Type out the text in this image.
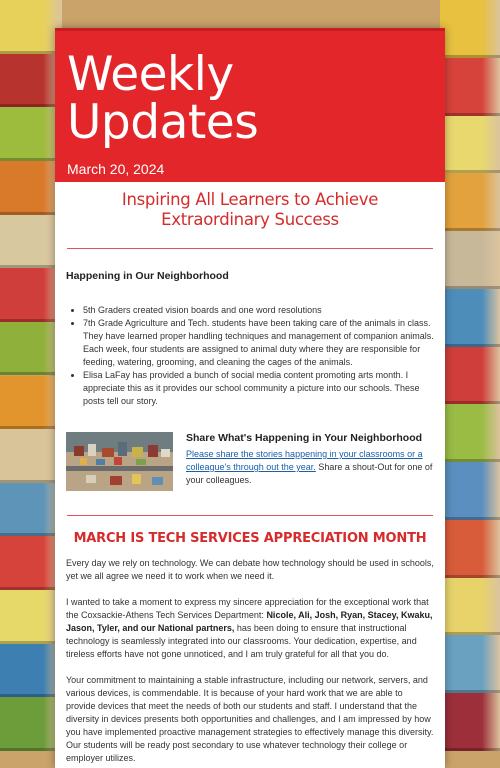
Weekly
Updates
March 20, 2024
Inspiring All Learners to Achieve Extraordinary Success
Happening in Our Neighborhood
• 5th Graders created vision boards and one word resolutions
• 7th Grade Agriculture and Tech. students have been taking care of the animals in class. They have learned proper handling techniques and management of companion animals. Each week, four students are assigned to animal duty where they are responsible for feeding, watering, grooming, and cleaning the cages of the animals.
• Elisa LaFay has provided a bunch of social media content promoting arts month. I appreciate this as it provides our school community a picture into our schools. These posts tell our story.
Share What's Happening in Your Neighborhood
Please share the stories happening in your classrooms or a colleague's through out the year. Share a shout-Out for one of your colleagues.
MARCH IS TECH SERVICES APPRECIATION MONTH

Every day we rely on technology. We can debate how technology should be used in schools, yet we all agree we need it to work when we need it.

I wanted to take a moment to express my sincere appreciation for the exceptional work that the Coxsackie-Athens Tech Services Department: Nicole, Ali, Josh, Ryan, Stacey, Kwaku, Jason, Tyler, and our National partners, has been doing to ensure that instructional technology is seamlessly integrated into our classrooms. Your dedication, expertise, and tireless efforts have not gone unnoticed, and I am truly grateful for all that you do.

Your commitment to maintaining a stable infrastructure, including our network, servers, and various devices, is commendable. It is because of your hard work that we are able to provide devices that meet the needs of both our students and staff. I understand that the diversity in devices presents both opportunities and challenges, and I am impressed by how you have implemented proactive management strategies to effectively manage this diversity. Our students will be ready post secondary to use whatever technology their college or employer utilizes.
